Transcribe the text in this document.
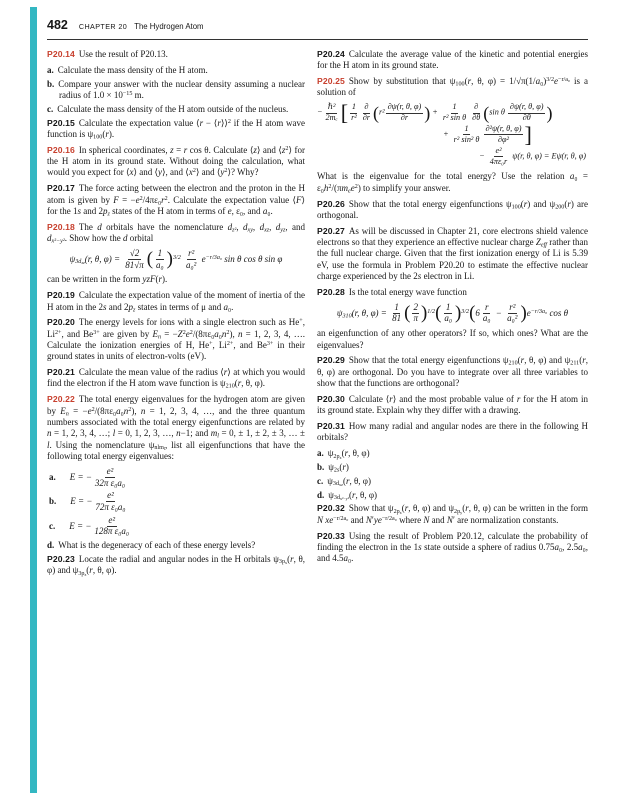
482 CHAPTER 20 The Hydrogen Atom

P20.14 Use the result of P20.13.

a. Calculate the mass density of the H atom.
b. Compare your answer with the nuclear density assuming a nuclear radius of $1.0 \times 10^{-15}$ m.
c. Calculate the mass density of the H atom outside of the nucleus.

P20.15 Calculate the expectation value ⟨r − ⟨r⟩⟩$^2$ if the H atom wave function is $\psi_{100}(r)$.

P20.16 In spherical coordinates, z = r cos θ. Calculate ⟨z⟩ and $⟨z^2⟩$ for the H atom in its ground state. Without doing the calculation, what would you expect for ⟨x⟩ and ⟨y⟩, and $⟨x^2⟩$ and $⟨y^2⟩$? Why?

P20.17 The force acting between the electron and the proton in the H atom is given by $F = -e^2/4\pi\varepsilon_0r^2$. Calculate the expectation value ⟨F⟩ for the 1s and $2p_z$ states of the H atom in terms of e, ε₀, and a₀.

P20.18 The d orbitals have the nomenclature $d_{z^2}$, $d_{xy}$, $d_{xz}$, $d_{yz}$, and $d_{x^2-y^2}$. Show how the d orbital

$\psi_{3d_{xz}}(r$, θ, $\varphi) = \frac{√2}{81√\pi}$ ( $\frac{1}{\text{a₀}} )^{3/2} \frac{\text{r²}}{\text{a₀²}} e^{-r/3a_0}$ sin θ cos θ sin φ

can be written in the form yzF(r).

P20.19 Calculate the expectation value of the moment of inertia of the H atom in the 2s and $2p_z$ states in terms of μ and a₀.

P20.20 The energy levels for ions with a single electron such as He+, $Li^{2+}$, and $Be^{3+}$ are given by $E_n = -Z^2e^2/(8\pi\varepsilon_0a_0n^2)$, n = 1, 2, 3, 4, …. Calculate the ionization energies of H, He+, $Li^{2+}$, and $Be^{3+}$ in their ground states in units of electron-volts (eV).

P20.21 Calculate the mean value of the radius ⟨r⟩ at which you would find the electron if the H atom wave function is $\psi_{210}(r$, θ, φ).

P20.22 The total energy eigenvalues for the hydrogen atom are given by $E_n = -e^2/(8\pi\varepsilon_0a_0n^2)$, n = 1, 2, 3, 4, …, and the three quantum numbers associated with the total energy eigenfunctions are related by n = 1, 2, 3, 4, …; l = 0, 1, 2, 3, …, n−1; and $m_l = 0$, ± 1, ± 2, ± 3, … ± l. Using the nomenclature $\psi_{nlm_l}$, list all eigenfunctions that have the following total energy eigenvalues:

a. E = − $\frac{\text{e²}}{\text{32π ε₀a₀}}$
b. E = − $\frac{\text{e²}}{\text{72π ε₀a₀}}$
c. E = − $\frac{\text{e²}}{\text{128π ε₀a₀}}$
d. What is the degeneracy of each of these energy levels?

P20.23 Locate the radial and angular nodes in the H orbitals $\psi_{3p_x}(r$, θ, φ) and $\psi_{3p_z}(r$, θ, φ).

P20.24 Calculate the average value of the kinetic and potential energies for the H atom in its ground state.

P20.25 Show by substitution that $\psi_{100}(r$, θ, $\varphi) = 1/√\pi(1/a_0)^{3/2}e^{-r/a_0}$ is a solution of

− $\frac{\text{ℏ²}}{\text{2mₑ}}$ [ $\frac{1}{\text{r²}} \frac{\partial}{\partial r} (r^2 \frac{\partial\psi(r, \theta, \varphi)}{\partial r}$ ) + $\frac{1}{\text{r² sin θ}} \frac{\partial}{\partial\theta} (\sin$ θ $\frac{\partial\psi(r, \theta, \varphi)}{\partial\theta}$ )
+ $\frac{1}{\text{r² sin² θ}} \frac{\text{∂²ψ(r, θ, φ)}}{\text{∂φ²}}$ ]
− $\frac{\text{e²}}{\text{4πε₀r}} \psi(r$, θ, φ) = Eψ(r, θ, φ)

What is the eigenvalue for the total energy? Use the relation $a_0 = \varepsilon_0h^2/(\pi m_ee^2)$ to simplify your answer.

P20.26 Show that the total energy eigenfunctions $\psi_{100}(r)$ and $\psi_{200}(r)$ are orthogonal.

P20.27 As will be discussed in Chapter 21, core electrons shield valence electrons so that they experience an effective nuclear charge $Z_{eff}$ rather than the full nuclear charge. Given that the first ionization energy of Li is 5.39 eV, use the formula in Problem P20.20 to estimate the effective nuclear charge experienced by the 2s electron in Li.

P20.28 Is the total energy wave function

$\psi_{310}(r$, θ, $\varphi) = \frac{1}{81}$ ( $\frac{2}{\pi} )^{1/2}( \frac{1}{\text{a₀}} )^{3/2}(6 \frac{r}{\text{a₀}} - \frac{\text{r²}}{\text{a₀²}} )e^{-r/3a_0}$ cos θ

an eigenfunction of any other operators? If so, which ones? What are the eigenvalues?

P20.29 Show that the total energy eigenfunctions $\psi_{210}(r$, θ, φ) and $\psi_{211}(r$, θ, φ) are orthogonal. Do you have to integrate over all three variables to show that the functions are orthogonal?

P20.30 Calculate ⟨r⟩ and the most probable value of r for the H atom in its ground state. Explain why they differ with a drawing.

P20.31 How many radial and angular nodes are there in the following H orbitals?

a. $\psi_{2p_x}(r$, θ, φ)
b. $\psi_{2s}(r)$
c. $\psi_{3d_{xz}}(r$, θ, φ)
d. $\psi_{3d_{x^2-y^2}}(r$, θ, φ)

P20.32 Show that $\psi_{2p_x}(r$, θ, φ) and $\psi_{2p_y}(r$, θ, φ) can be written in the form N $xe^{-r/2a_0}$ and $N'ye^{-r/2a_0}$ where N and N′ are normalization constants.

P20.33 Using the result of Problem P20.12, calculate the probability of finding the electron in the 1s state outside a sphere of radius 0.75a₀, 2.5a₀, and 4.5a₀.
